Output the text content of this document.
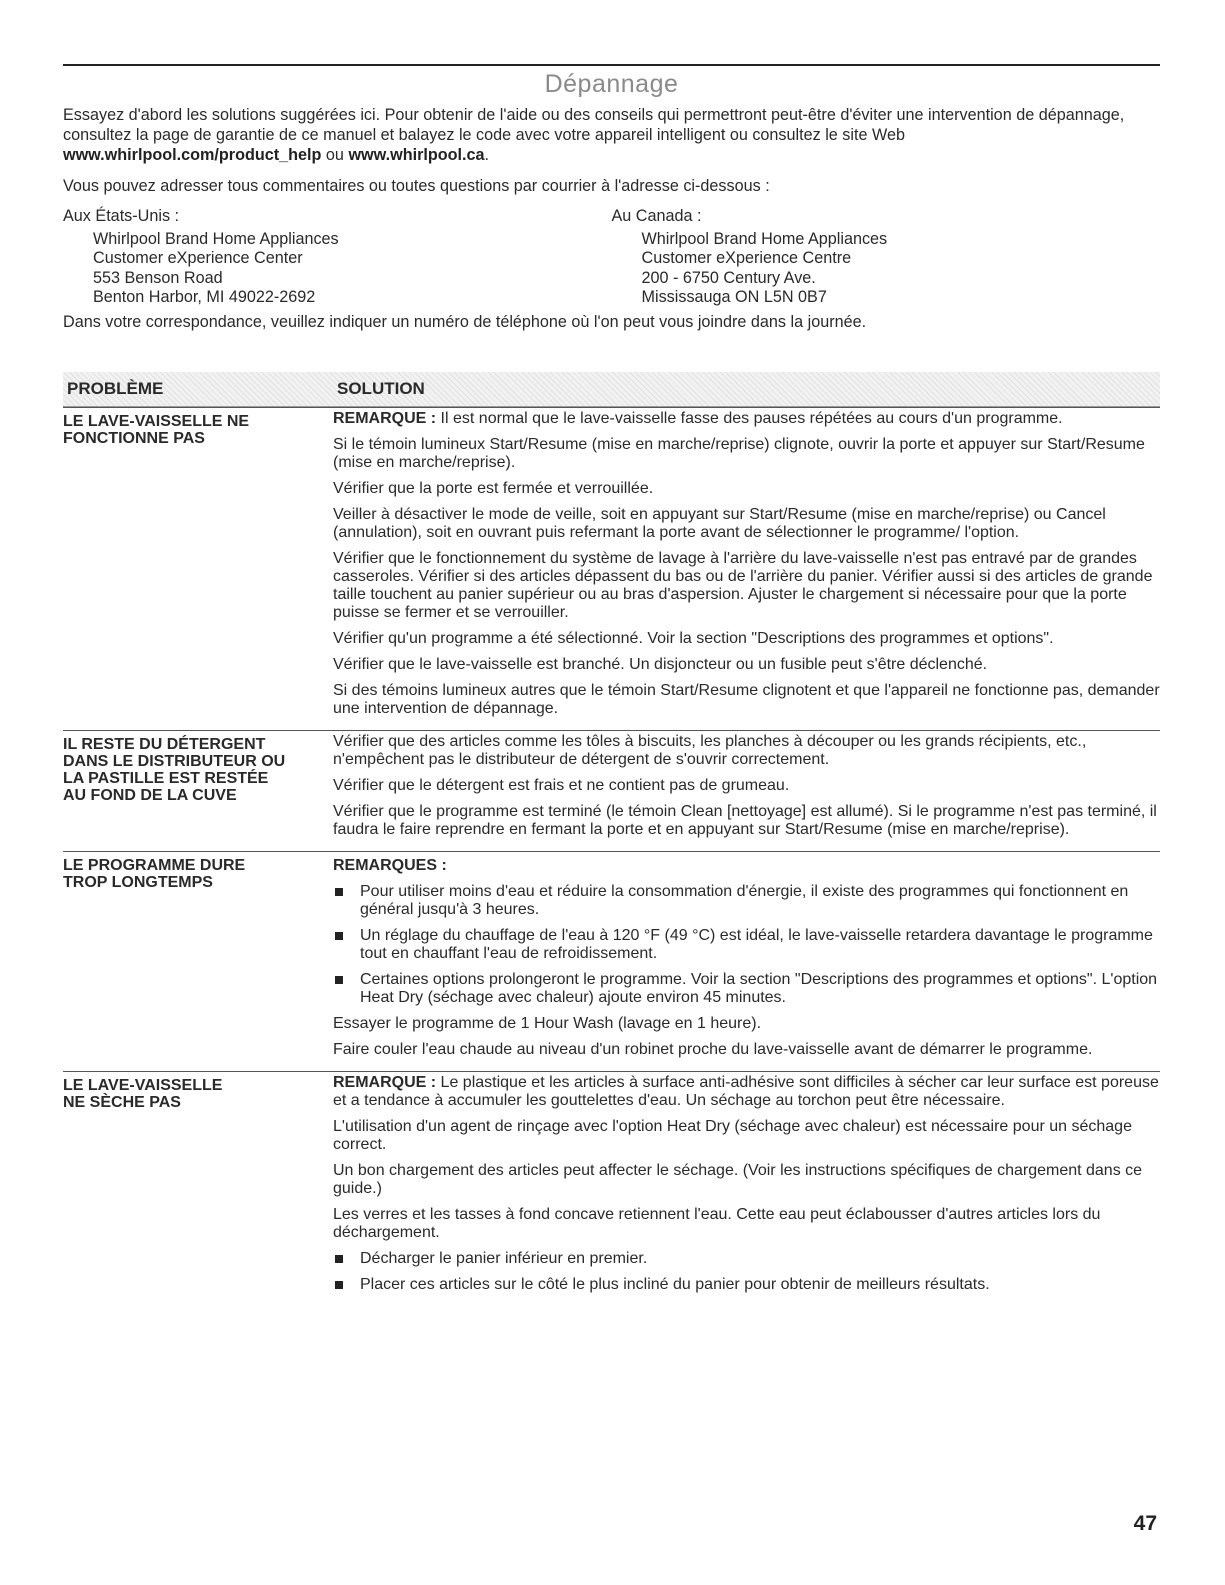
Dépannage

Essayez d'abord les solutions suggérées ici. Pour obtenir de l'aide ou des conseils qui permettront peut-être d'éviter une intervention de dépannage, consultez la page de garantie de ce manuel et balayez le code avec votre appareil intelligent ou consultez le site Web
www.whirlpool.com/product_help ou www.whirlpool.ca.

Vous pouvez adresser tous commentaires ou toutes questions par courrier à l'adresse ci-dessous :

Aux États-Unis :
Whirlpool Brand Home Appliances
Customer eXperience Center
553 Benson Road
Benton Harbor, MI 49022-2692
Au Canada :
Whirlpool Brand Home Appliances
Customer eXperience Centre
200 - 6750 Century Ave.
Mississauga ON L5N 0B7

Dans votre correspondance, veuillez indiquer un numéro de téléphone où l'on peut vous joindre dans la journée.

PROBLÈME	SOLUTION
LE LAVE-VAISSELLE NE
FONCTIONNE PAS
REMARQUE : Il est normal que le lave-vaisselle fasse des pauses répétées au cours d'un programme.
Si le témoin lumineux Start/Resume (mise en marche/reprise) clignote, ouvrir la porte et appuyer sur Start/Resume (mise en marche/reprise).
Vérifier que la porte est fermée et verrouillée.
Veiller à désactiver le mode de veille, soit en appuyant sur Start/Resume (mise en marche/reprise) ou Cancel (annulation), soit en ouvrant puis refermant la porte avant de sélectionner le programme/ l'option.
Vérifier que le fonctionnement du système de lavage à l'arrière du lave-vaisselle n'est pas entravé par de grandes casseroles. Vérifier si des articles dépassent du bas ou de l'arrière du panier. Vérifier aussi si des articles de grande taille touchent au panier supérieur ou au bras d'aspersion. Ajuster le chargement si nécessaire pour que la porte puisse se fermer et se verrouiller.
Vérifier qu'un programme a été sélectionné. Voir la section "Descriptions des programmes et options".
Vérifier que le lave-vaisselle est branché. Un disjoncteur ou un fusible peut s'être déclenché.
Si des témoins lumineux autres que le témoin Start/Resume clignotent et que l'appareil ne fonctionne pas, demander une intervention de dépannage.
IL RESTE DU DÉTERGENT
DANS LE DISTRIBUTEUR OU
LA PASTILLE EST RESTÉE
AU FOND DE LA CUVE
Vérifier que des articles comme les tôles à biscuits, les planches à découper ou les grands récipients, etc., n'empêchent pas le distributeur de détergent de s'ouvrir correctement.
Vérifier que le détergent est frais et ne contient pas de grumeau.
Vérifier que le programme est terminé (le témoin Clean [nettoyage] est allumé). Si le programme n'est pas terminé, il faudra le faire reprendre en fermant la porte et en appuyant sur Start/Resume (mise en marche/reprise).
LE PROGRAMME DURE
TROP LONGTEMPS
REMARQUES :
Pour utiliser moins d'eau et réduire la consommation d'énergie, il existe des programmes qui fonctionnent en général jusqu'à 3 heures.
Un réglage du chauffage de l'eau à 120 °F (49 °C) est idéal, le lave-vaisselle retardera davantage le programme tout en chauffant l'eau de refroidissement.
Certaines options prolongeront le programme. Voir la section "Descriptions des programmes et options". L'option Heat Dry (séchage avec chaleur) ajoute environ 45 minutes.
Essayer le programme de 1 Hour Wash (lavage en 1 heure).
Faire couler l'eau chaude au niveau d'un robinet proche du lave-vaisselle avant de démarrer le programme.
LE LAVE-VAISSELLE
NE SÈCHE PAS
REMARQUE : Le plastique et les articles à surface anti-adhésive sont difficiles à sécher car leur surface est poreuse et a tendance à accumuler les gouttelettes d'eau. Un séchage au torchon peut être nécessaire.
L'utilisation d'un agent de rinçage avec l'option Heat Dry (séchage avec chaleur) est nécessaire pour un séchage correct.
Un bon chargement des articles peut affecter le séchage. (Voir les instructions spécifiques de chargement dans ce guide.)
Les verres et les tasses à fond concave retiennent l'eau. Cette eau peut éclabousser d'autres articles lors du déchargement.
Décharger le panier inférieur en premier.
Placer ces articles sur le côté le plus incliné du panier pour obtenir de meilleurs résultats.
47
